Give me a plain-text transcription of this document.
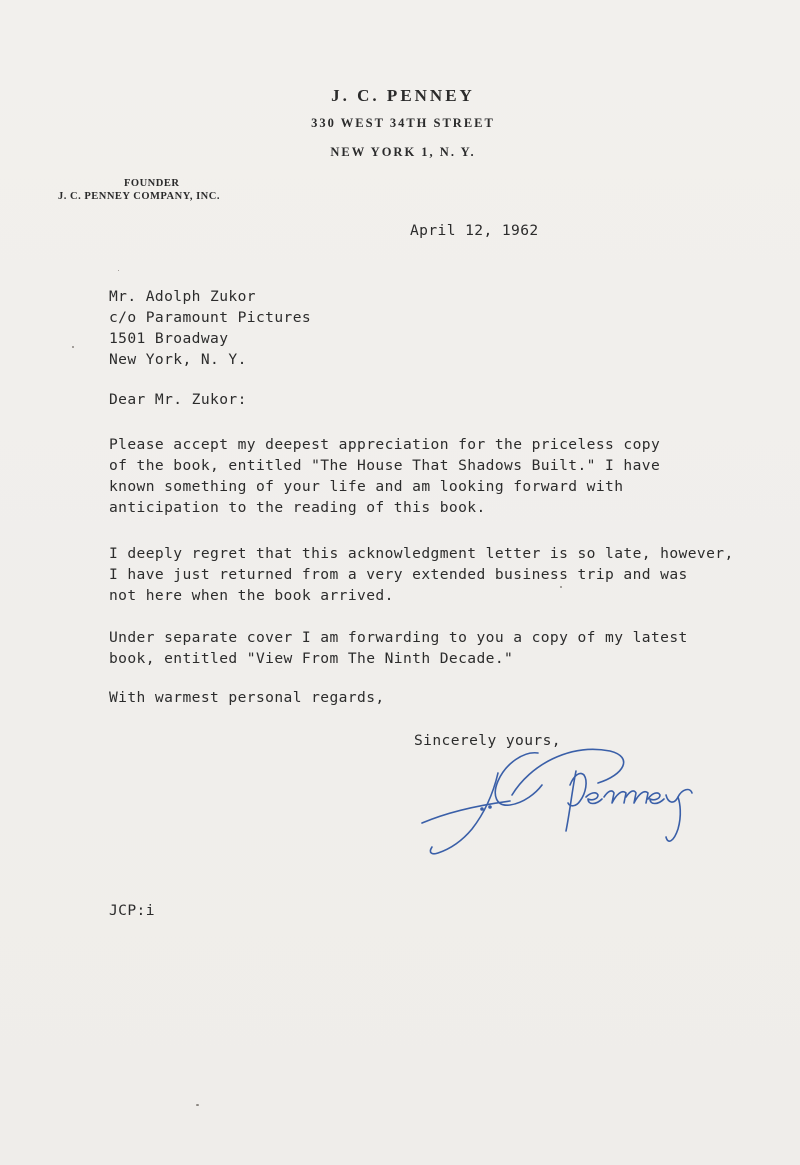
J. C. PENNEY
330 WEST 34TH STREET
NEW YORK 1, N. Y.
FOUNDER
J. C. PENNEY COMPANY, INC.
April 12, 1962
Mr. Adolph Zukor
c/o Paramount Pictures
1501 Broadway
New York, N. Y.
Dear Mr. Zukor:
Please accept my deepest appreciation for the priceless copy
of the book, entitled "The House That Shadows Built." I have
known something of your life and am looking forward with
anticipation to the reading of this book.
I deeply regret that this acknowledgment letter is so late, however,
I have just returned from a very extended business trip and was
not here when the book arrived.
Under separate cover I am forwarding to you a copy of my latest
book, entitled "View From The Ninth Decade."
With warmest personal regards,
Sincerely yours,
JCP:i
